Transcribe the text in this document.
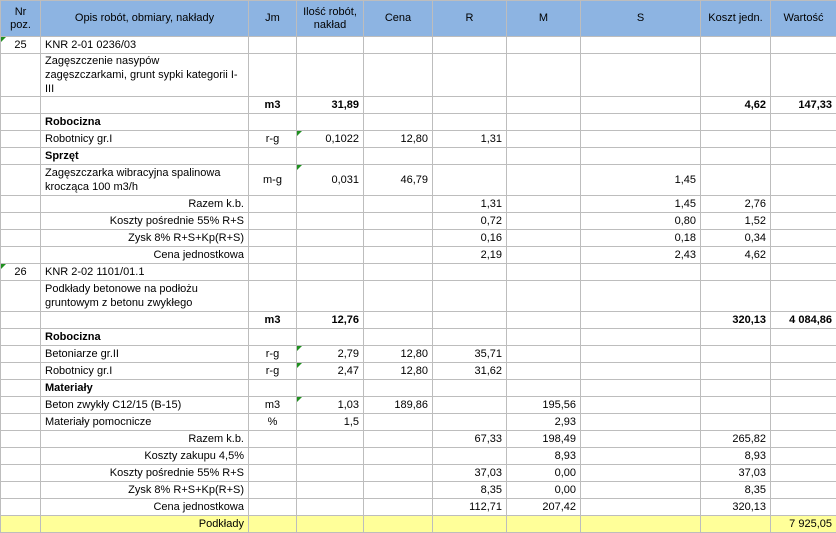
Nr poz.	Opis robót, obmiary, nakłady	Jm	Ilość robót, nakład	Cena	R	M	S	Koszt jedn.	Wartość
25	KNR 2-01 0236/03								
	Zagęszczenie nasypów zagęszczarkami, grunt sypki kategorii I-III								
		m3	31,89					4,62	147,33
	Robocizna								
	Robotnicy gr.I	r-g	0,1022	12,80	1,31				
	Sprzęt								
	Zagęszczarka wibracyjna spalinowa krocząca 100 m3/h	m-g	0,031	46,79			1,45		
	Razem k.b.				1,31		1,45	2,76	
	Koszty pośrednie 55% R+S				0,72		0,80	1,52	
	Zysk 8% R+S+Kp(R+S)				0,16		0,18	0,34	
	Cena jednostkowa				2,19		2,43	4,62	
26	KNR 2-02 1101/01.1								
	Podkłady betonowe na podłożu gruntowym z betonu zwykłego								
		m3	12,76					320,13	4 084,86
	Robocizna								
	Betoniarze gr.II	r-g	2,79	12,80	35,71				
	Robotnicy gr.I	r-g	2,47	12,80	31,62				
	Materiały								
	Beton zwykły C12/15 (B-15)	m3	1,03	189,86		195,56			
	Materiały pomocnicze	%	1,5			2,93			
	Razem k.b.				67,33	198,49		265,82	
	Koszty zakupu 4,5%					8,93		8,93	
	Koszty pośrednie 55% R+S				37,03	0,00		37,03	
	Zysk 8% R+S+Kp(R+S)				8,35	0,00		8,35	
	Cena jednostkowa				112,71	207,42		320,13	
	Podkłady								7 925,05
